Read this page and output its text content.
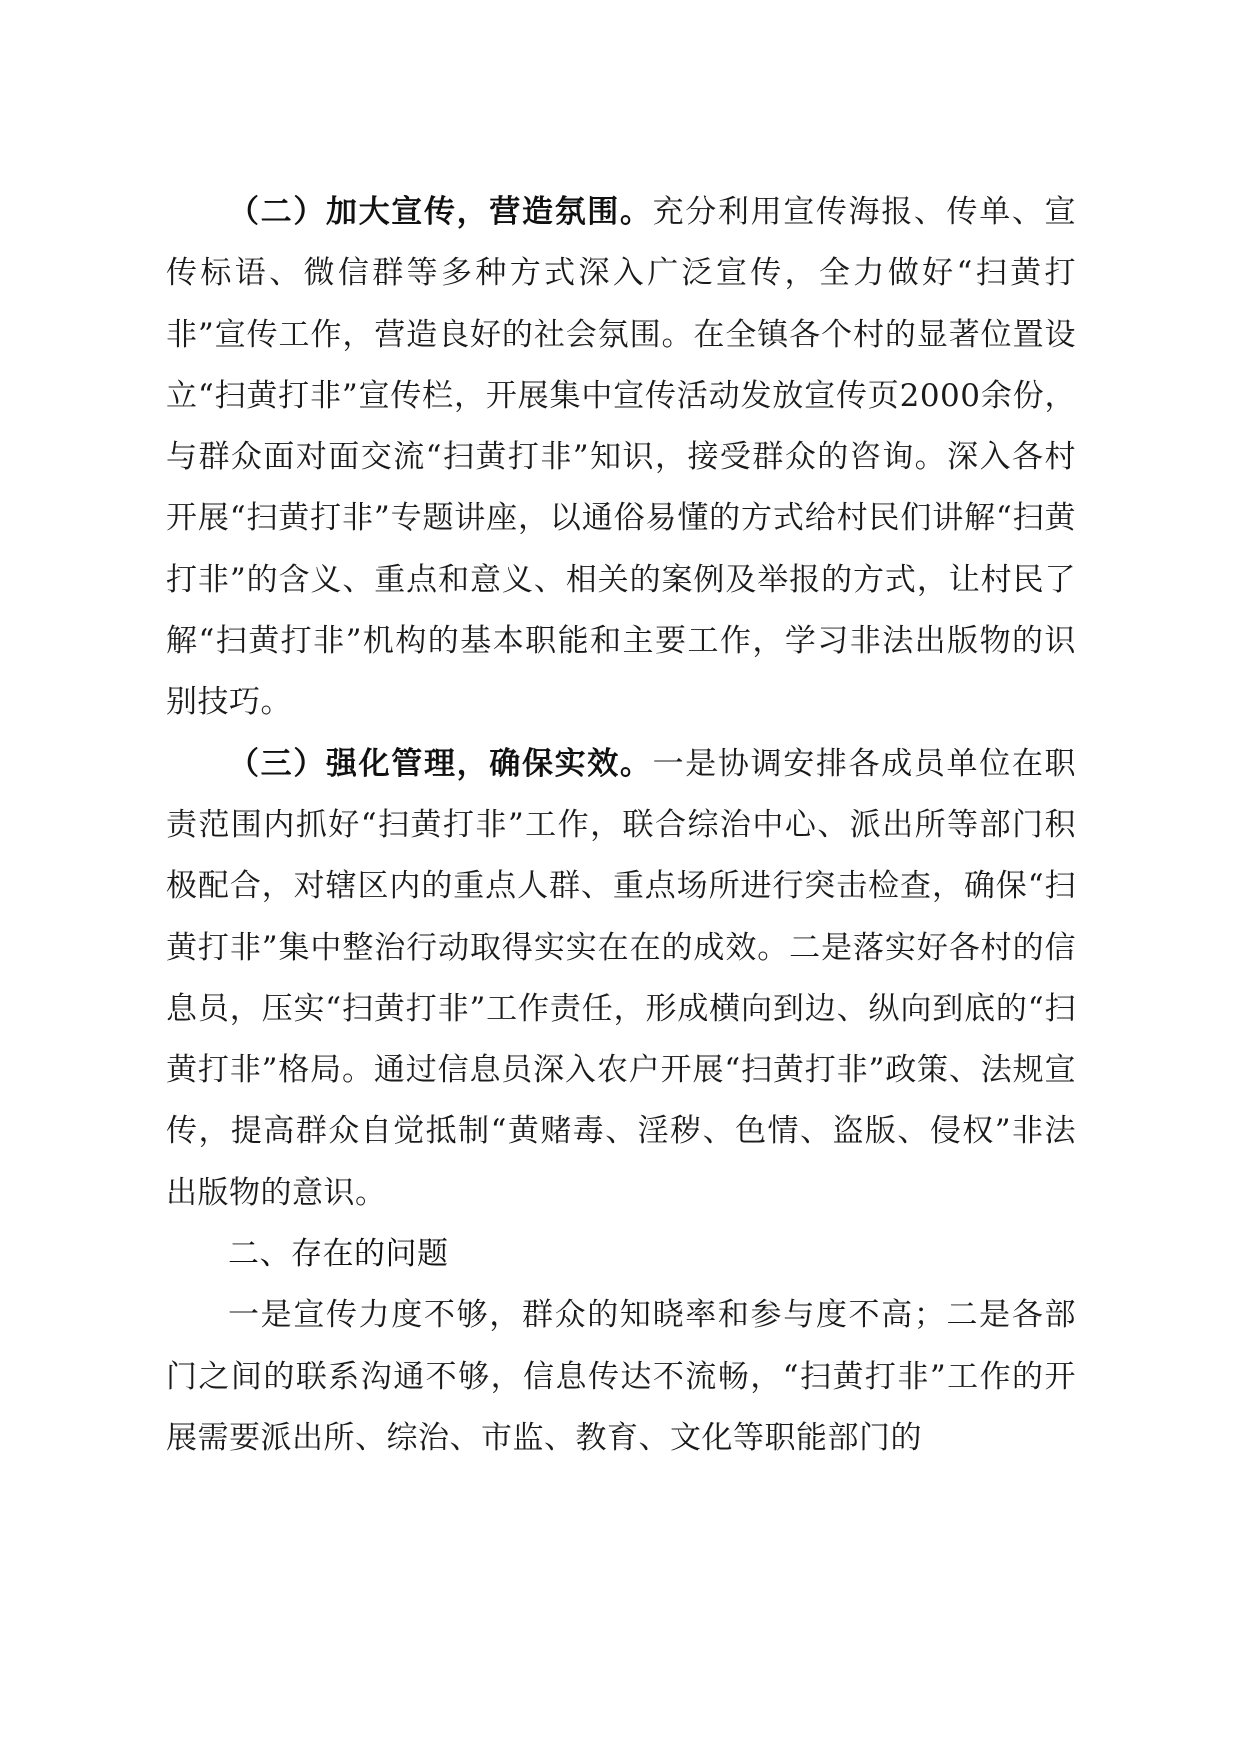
（二）加大宣传，营造氛围。充分利用宣传海报、传单、宣传标语、微信群等多种方式深入广泛宣传，全力做好“扫黄打非”宣传工作，营造良好的社会氛围。在全镇各个村的显著位置设立“扫黄打非”宣传栏，开展集中宣传活动发放宣传页2000余份，与群众面对面交流“扫黄打非”知识，接受群众的咨询。深入各村开展“扫黄打非”专题讲座，以通俗易懂的方式给村民们讲解“扫黄打非”的含义、重点和意义、相关的案例及举报的方式，让村民了解“扫黄打非”机构的基本职能和主要工作，学习非法出版物的识别技巧。

（三）强化管理，确保实效。一是协调安排各成员单位在职责范围内抓好“扫黄打非”工作，联合综治中心、派出所等部门积极配合，对辖区内的重点人群、重点场所进行突击检查，确保“扫黄打非”集中整治行动取得实实在在的成效。二是落实好各村的信息员，压实“扫黄打非”工作责任，形成横向到边、纵向到底的“扫黄打非”格局。通过信息员深入农户开展“扫黄打非”政策、法规宣传，提高群众自觉抵制“黄赌毒、淫秽、色情、盗版、侵权”非法出版物的意识。

二、存在的问题

一是宣传力度不够，群众的知晓率和参与度不高；二是各部门之间的联系沟通不够，信息传达不流畅，“扫黄打非”工作的开展需要派出所、综治、市监、教育、文化等职能部门的
